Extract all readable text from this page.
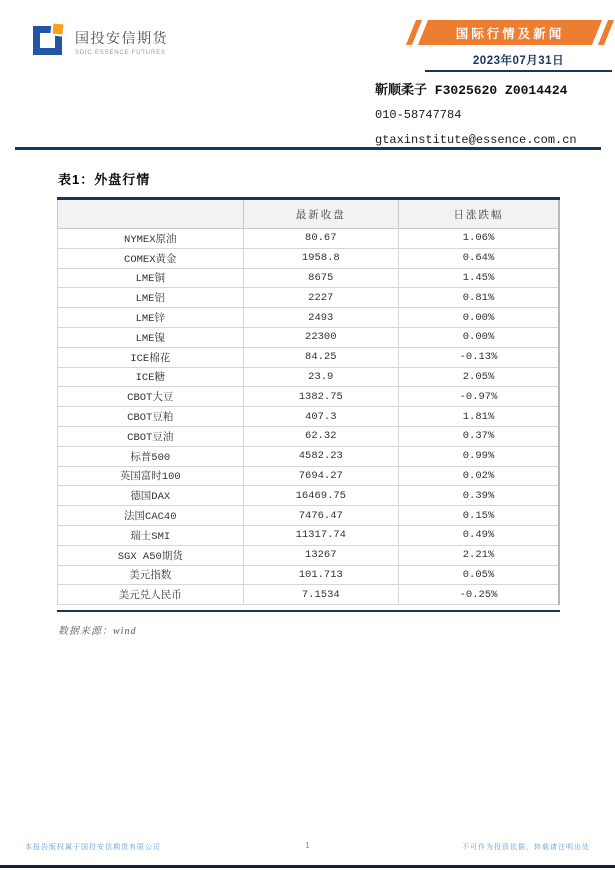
国投安信期货
SDIC ESSENCE FUTURES
国际行情及新闻
2023年07月31日
靳顺柔子 F3025620 Z0014424
010-58747784
gtaxinstitute@essence.com.cn
表1：外盘行情
	最新收盘	日涨跌幅
NYMEX原油	80.67	1.06%
COMEX黄金	1958.8	0.64%
LME铜	8675	1.45%
LME铝	2227	0.81%
LME锌	2493	0.00%
LME镍	22300	0.00%
ICE棉花	84.25	-0.13%
ICE糖	23.9	2.05%
CBOT大豆	1382.75	-0.97%
CBOT豆粕	407.3	1.81%
CBOT豆油	62.32	0.37%
标普500	4582.23	0.99%
英国富时100	7694.27	0.02%
德国DAX	16469.75	0.39%
法国CAC40	7476.47	0.15%
瑞士SMI	11317.74	0.49%
SGX A50期货	13267	2.21%
美元指数	101.713	0.05%
美元兑人民币	7.1534	-0.25%
数据来源：wind
本报告版权属于国投安信期货有限公司	1	不可作为投资依据，转载请注明出处
